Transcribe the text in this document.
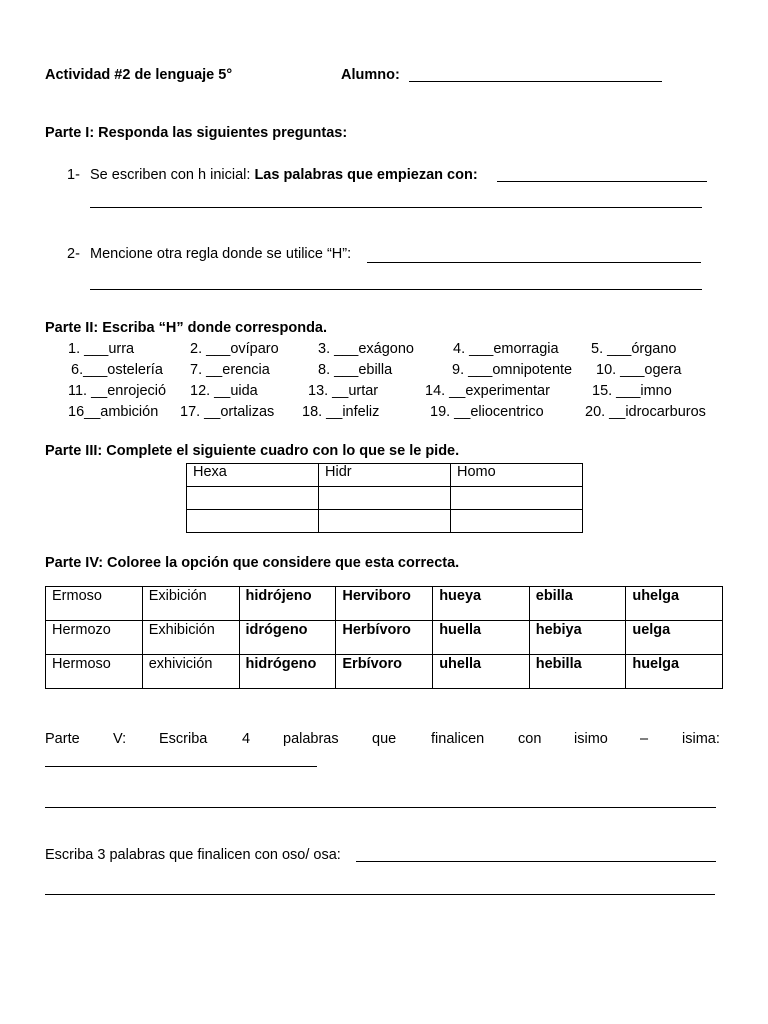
Actividad #2 de lenguaje 5°	Alumno:
Parte I: Responda las siguientes preguntas:
1- Se escriben con h inicial: Las palabras que empiezan con:
2- Mencione otra regla donde se utilice “H”:
Parte II: Escriba “H” donde corresponda.
1. ___urra	2. ___ovíparo	3. ___exágono	4. ___emorragia 5. ___órgano
6.___ostelería 7. __erencia	8. ___ebilla	9. ___omnipotente 10. ___ogera
11. __enrojeció 12. __uida	13. __urtar	14. __experimentar	15. ___imno
16__ambición 17. __ortalizas 18. __infeliz	19. __eliocentrico	20. __idrocarburos
Parte III: Complete el siguiente cuadro con lo que se le pide.
Hexa	Hidr	Homo

Parte IV: Coloree la opción que considere que esta correcta.
Ermoso	Exibición	hidrójeno	Herviboro	hueya	ebilla	uhelga
Hermozo	Exhibición	idrógeno	Herbívoro	huella	hebiya	uelga
Hermoso	exhivición	hidrógeno	Erbívoro	uhella	hebilla	huelga
Parte V: Escriba 4 palabras que finalicen con isimo – isima:
Escriba 3 palabras que finalicen con oso/ osa:
